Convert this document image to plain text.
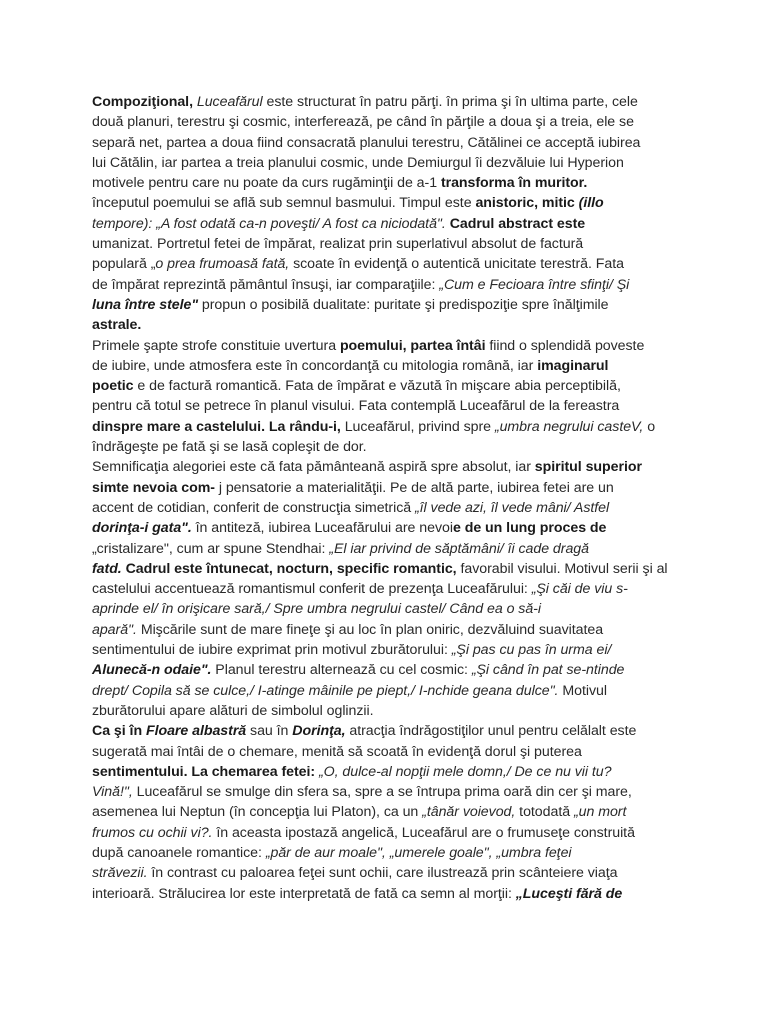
Compoziţional, Luceafărul este structurat în patru părţi. în prima şi în ultima parte, cele
două planuri, terestru şi cosmic, interferează, pe când în părţile a doua şi a treia, ele se
separă net, partea a doua fiind consacrată planului terestru, Cătălinei ce acceptă iubirea
lui Cătălin, iar partea a treia planului cosmic, unde Demiurgul îi dezvăluie lui Hyperion
motivele pentru care nu poate da curs rugăminţii de a-1 transforma în muritor.
începutul poemului se află sub semnul basmului. Timpul este anistoric, mitic (illo
tempore): „A fost odată ca-n poveşti/ A fost ca niciodată". Cadrul abstract este
umanizat. Portretul fetei de împărat, realizat prin superlativul absolut de factură
populară „o prea frumoasă fată, scoate în evidenţă o autentică unicitate terestră. Fata
de împărat reprezintă pământul însuşi, iar comparaţiile: „Cum e Fecioara între sfinţi/ Şi
luna între stele" propun o posibilă dualitate: puritate şi predispoziţie spre înălţimile
astrale.
Primele şapte strofe constituie uvertura poemului, partea întâi fiind o splendidă poveste
de iubire, unde atmosfera este în concordanţă cu mitologia română, iar imaginarul
poetic e de factură romantică. Fata de împărat e văzută în mişcare abia perceptibilă,
pentru că totul se petrece în planul visului. Fata contemplă Luceafărul de la fereastra
dinspre mare a castelului. La rându-i, Luceafărul, privind spre „umbra negrului casteV, o
îndrăgeşte pe fată şi se lasă copleşit de dor.
Semnificaţia alegoriei este că fata pământeană aspiră spre absolut, iar spiritul superior
simte nevoia com- j pensatorie a materialităţii. Pe de altă parte, iubirea fetei are un
accent de cotidian, conferit de construcţia simetrică „îl vede azi, îl vede mâni/ Astfel
dorinţa-i gata". în antiteză, iubirea Luceafărului are nevoie de un lung proces de
„cristalizare", cum ar spune Stendhai: „El iar privind de săptămâni/ îi cade dragă
fatd. Cadrul este întunecat, nocturn, specific romantic, favorabil visului. Motivul serii şi al
castelului accentuează romantismul conferit de prezenţa Luceafărului: „Şi căi de viu s-
aprinde el/ în orişicare sară,/ Spre umbra negrului castel/ Când ea o să-i
apară". Mişcările sunt de mare fineţe şi au loc în plan oniric, dezvăluind suavitatea
sentimentului de iubire exprimat prin motivul zburătorului: „Şi pas cu pas în urma ei/
Alunecă-n odaie". Planul terestru alternează cu cel cosmic: „Şi când în pat se-ntinde
drept/ Copila să se culce,/ I-atinge mâinile pe piept,/ I-nchide geana dulce". Motivul
zburătorului apare alături de simbolul oglinzii.
Ca şi în Floare albastră sau în Dorinţa, atracţia îndrăgostiţilor unul pentru celălalt este
sugerată mai întâi de o chemare, menită să scoată în evidenţă dorul şi puterea
sentimentului. La chemarea fetei: „O, dulce-al nopţii mele domn,/ De ce nu vii tu?
Vină!", Luceafărul se smulge din sfera sa, spre a se întrupa prima oară din cer şi mare,
asemenea lui Neptun (în concepţia lui Platon), ca un „tânăr voievod, totodată „un mort
frumos cu ochii vi?. în aceasta ipostază angelică, Luceafărul are o frumuseţe construită
după canoanele romantice: „păr de aur moale", „umerele goale", „umbra feţei
străvezii. în contrast cu paloarea feţei sunt ochii, care ilustrează prin scânteiere viaţa
interioară. Strălucirea lor este interpretată de fată ca semn al morţii: „Luceşti fără de
